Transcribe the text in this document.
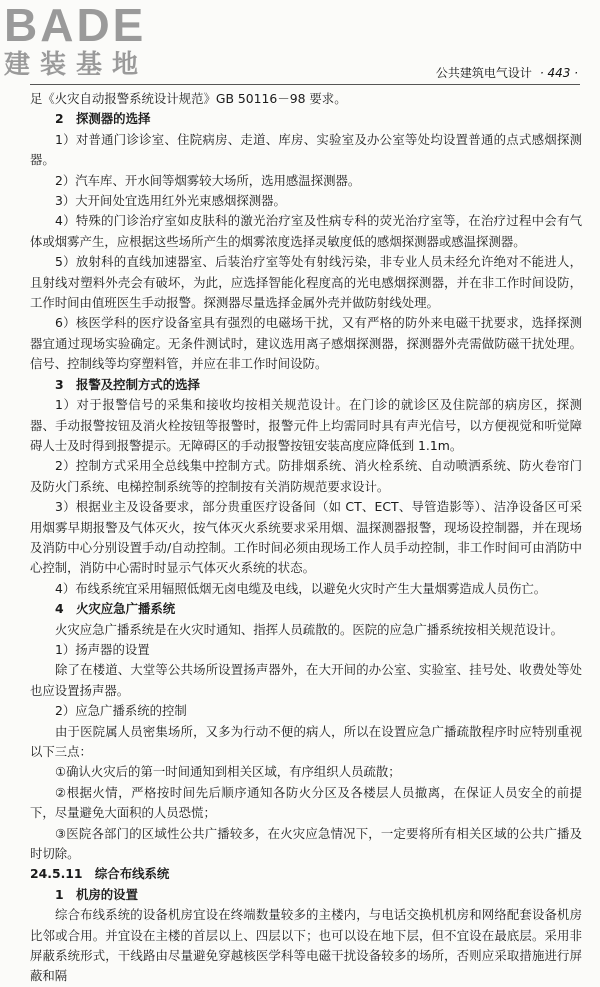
BADE
建装基地	公共建筑电气设计 · 443 ·

足《火灾自动报警系统设计规范》GB 50116－98 要求。

2　探测器的选择

1）对普通门诊诊室、住院病房、走道、库房、实验室及办公室等处均设置普通的点式感烟探测器。

2）汽车库、开水间等烟雾较大场所，选用感温探测器。

3）大开间处宜选用红外光束感烟探测器。

4）特殊的门诊治疗室如皮肤科的激光治疗室及性病专科的荧光治疗室等，在治疗过程中会有气体或烟雾产生，应根据这些场所产生的烟雾浓度选择灵敏度低的感烟探测器或感温探测器。

5）放射科的直线加速器室、后装治疗室等处有射线污染，非专业人员未经允许绝对不能进人，且射线对塑料外壳会有破坏，为此，应选择智能化程度高的光电感烟探测器，并在非工作时间设防，工作时间由值班医生手动报警。探测器尽量选择金属外壳并做防射线处理。

6）核医学科的医疗设备室具有强烈的电磁场干扰，又有严格的防外来电磁干扰要求，选择探测器宜通过现场实验确定。无条件测试时，建议选用离子感烟探测器，探测器外壳需做防磁干扰处理。信号、控制线等均穿塑料管，并应在非工作时间设防。

3　报警及控制方式的选择

1）对于报警信号的采集和接收均按相关规范设计。在门诊的就诊区及住院部的病房区，探测器、手动报警按钮及消火栓按钮等报警时，报警元件上均需同时具有声光信号，以方便视觉和听觉障碍人士及时得到报警提示。无障碍区的手动报警按钮安装高度应降低到 1.1m。

2）控制方式采用全总线集中控制方式。防排烟系统、消火栓系统、自动喷洒系统、防火卷帘门及防火门系统、电梯控制系统等的控制按有关消防规范要求设计。

3）根据业主及设备要求，部分贵重医疗设备间（如 CT、ECT、导管造影等）、洁净设备区可采用烟雾早期报警及气体灭火，按气体灭火系统要求采用烟、温探测器报警，现场设控制器，并在现场及消防中心分别设置手动/自动控制。工作时间必须由现场工作人员手动控制，非工作时间可由消防中心控制，消防中心需时时显示气体灭火系统的状态。

4）布线系统宜采用辐照低烟无卤电缆及电线，以避免火灾时产生大量烟雾造成人员伤亡。

4　火灾应急广播系统

火灾应急广播系统是在火灾时通知、指挥人员疏散的。医院的应急广播系统按相关规范设计。

1）扬声器的设置

除了在楼道、大堂等公共场所设置扬声器外，在大开间的办公室、实验室、挂号处、收费处等处也应设置扬声器。

2）应急广播系统的控制

由于医院属人员密集场所，又多为行动不便的病人，所以在设置应急广播疏散程序时应特别重视以下三点：

①确认火灾后的第一时间通知到相关区域，有序组织人员疏散；

②根据火情，严格按时间先后顺序通知各防火分区及各楼层人员撤离，在保证人员安全的前提下，尽量避免大面积的人员恐慌；

③医院各部门的区域性公共广播较多，在火灾应急情况下，一定要将所有相关区域的公共广播及时切除。

24.5.11　综合布线系统

1　机房的设置

综合布线系统的设备机房宜设在终端数量较多的主楼内，与电话交换机机房和网络配套设备机房比邻或合用。并宜设在主楼的首层以上、四层以下；也可以设在地下层，但不宜设在最底层。采用非屏蔽系统形式，干线路由尽量避免穿越核医学科等电磁干扰设备较多的场所，否则应采取措施进行屏蔽和隔
